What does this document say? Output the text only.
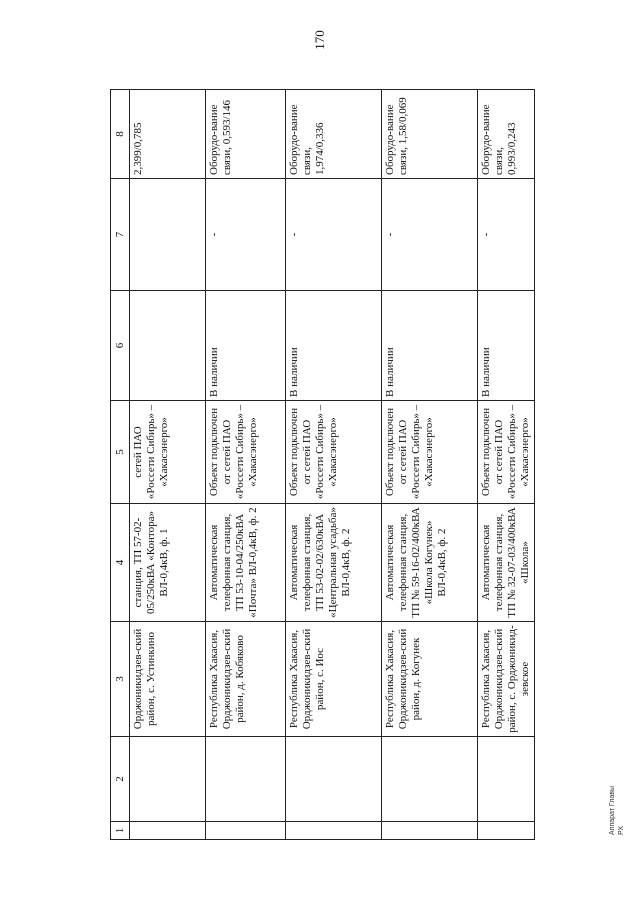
170
1	2	3	4	5	6	7	8
		Орджоникидзев-ский район, с. Устинкино	станция, ТП 57-02-05/250кВА «Контора» ВЛ-0,4кВ, ф. 1	сетей ПАО «Россети Сибирь» – «Хакасэнерго»			2,399/0,785
		Республика Хакасия, Орджоникидзев-ский район, д. Кобяково	Автоматическая телефонная станция, ТП 53-10-04/250кВА «Почта» ВЛ-0,4кВ, ф. 2	Объект подключен от сетей ПАО «Россети Сибирь» – «Хакасэнерго»	В наличии	-	Оборудо-вание связи, 0,593/146
		Республика Хакасия, Орджоникидзев-ский район, с. Иос	Автоматическая телефонная станция, ТП 53-02-02/630кВА «Центральная усадьба» ВЛ-0,4кВ, ф. 2	Объект подключен от сетей ПАО «Россети Сибирь» – «Хакасэнерго»	В наличии	-	Оборудо-вание связи, 1,974/0,336
		Республика Хакасия, Орджоникидзев-ский район, д. Когунек	Автоматическая телефонная станция, ТП № 59-16-02/400кВА «Школа Когунек» ВЛ-0,4кВ, ф. 2	Объект подключен от сетей ПАО «Россети Сибирь» – «Хакасэнерго»	В наличии	-	Оборудо-вание связи, 1,58/0,069
		Республика Хакасия, Орджоникидзев-ский район, с. Орджоникид-зевское	Автоматическая телефонная станция, ТП № 32-07-03/400кВА «Школа»	Объект подключен от сетей ПАО «Россети Сибирь» – «Хакасэнерго»	В наличии	-	Оборудо-вание связи, 0,993/0,243
Аппарат Главы РХ
